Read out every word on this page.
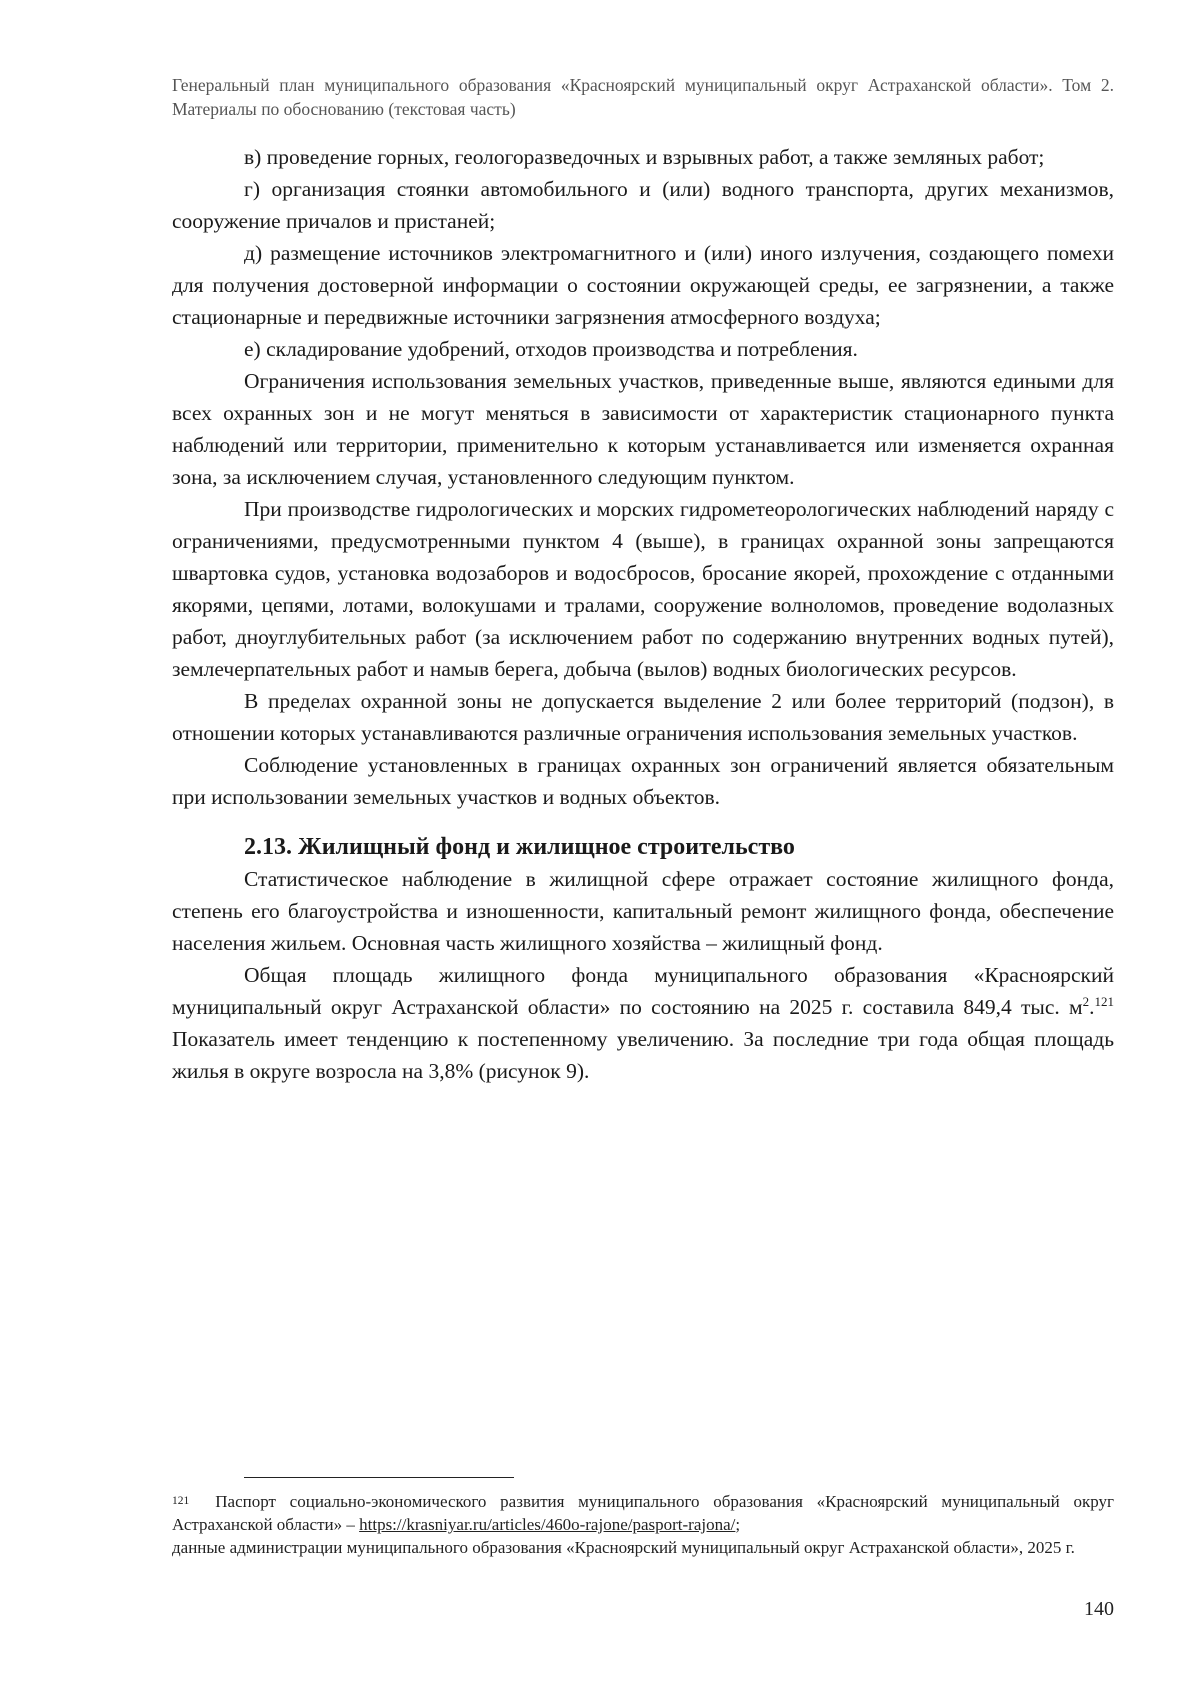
Генеральный план муниципального образования «Красноярский муниципальный округ Астраханской области». Том 2. Материалы по обоснованию (текстовая часть)

в) проведение горных, геологоразведочных и взрывных работ, а также земляных работ;

г) организация стоянки автомобильного и (или) водного транспорта, других механизмов, сооружение причалов и пристаней;

д) размещение источников электромагнитного и (или) иного излучения, создающего помехи для получения достоверной информации о состоянии окружающей среды, ее загрязнении, а также стационарные и передвижные источники загрязнения атмосферного воздуха;

е) складирование удобрений, отходов производства и потребления.

Ограничения использования земельных участков, приведенные выше, являются едиными для всех охранных зон и не могут меняться в зависимости от характеристик стационарного пункта наблюдений или территории, применительно к которым устанавливается или изменяется охранная зона, за исключением случая, установленного следующим пунктом.

При производстве гидрологических и морских гидрометеорологических наблюдений наряду с ограничениями, предусмотренными пунктом 4 (выше), в границах охранной зоны запрещаются швартовка судов, установка водозаборов и водосбросов, бросание якорей, прохождение с отданными якорями, цепями, лотами, волокушами и тралами, сооружение волноломов, проведение водолазных работ, дноуглубительных работ (за исключением работ по содержанию внутренних водных путей), землечерпательных работ и намыв берега, добыча (вылов) водных биологических ресурсов.

В пределах охранной зоны не допускается выделение 2 или более территорий (подзон), в отношении которых устанавливаются различные ограничения использования земельных участков.

Соблюдение установленных в границах охранных зон ограничений является обязательным при использовании земельных участков и водных объектов.

2.13. Жилищный фонд и жилищное строительство

Статистическое наблюдение в жилищной сфере отражает состояние жилищного фонда, степень его благоустройства и изношенности, капитальный ремонт жилищного фонда, обеспечение населения жильем. Основная часть жилищного хозяйства – жилищный фонд.

Общая площадь жилищного фонда муниципального образования «Красноярский муниципальный округ Астраханской области» по состоянию на 2025 г. составила 849,4 тыс. $м^2.^{121}$ Показатель имеет тенденцию к постепенному увеличению. За последние три года общая площадь жилья в округе возросла на 3,8% (рисунок 9).

$^{121}$ Паспорт социально-экономического развития муниципального образования «Красноярский муниципальный округ Астраханской области» – https://krasniyar.ru/articles/460o-rajone/pasport-rajona/;

данные администрации муниципального образования «Красноярский муниципальный округ Астраханской области», 2025 г.

140
